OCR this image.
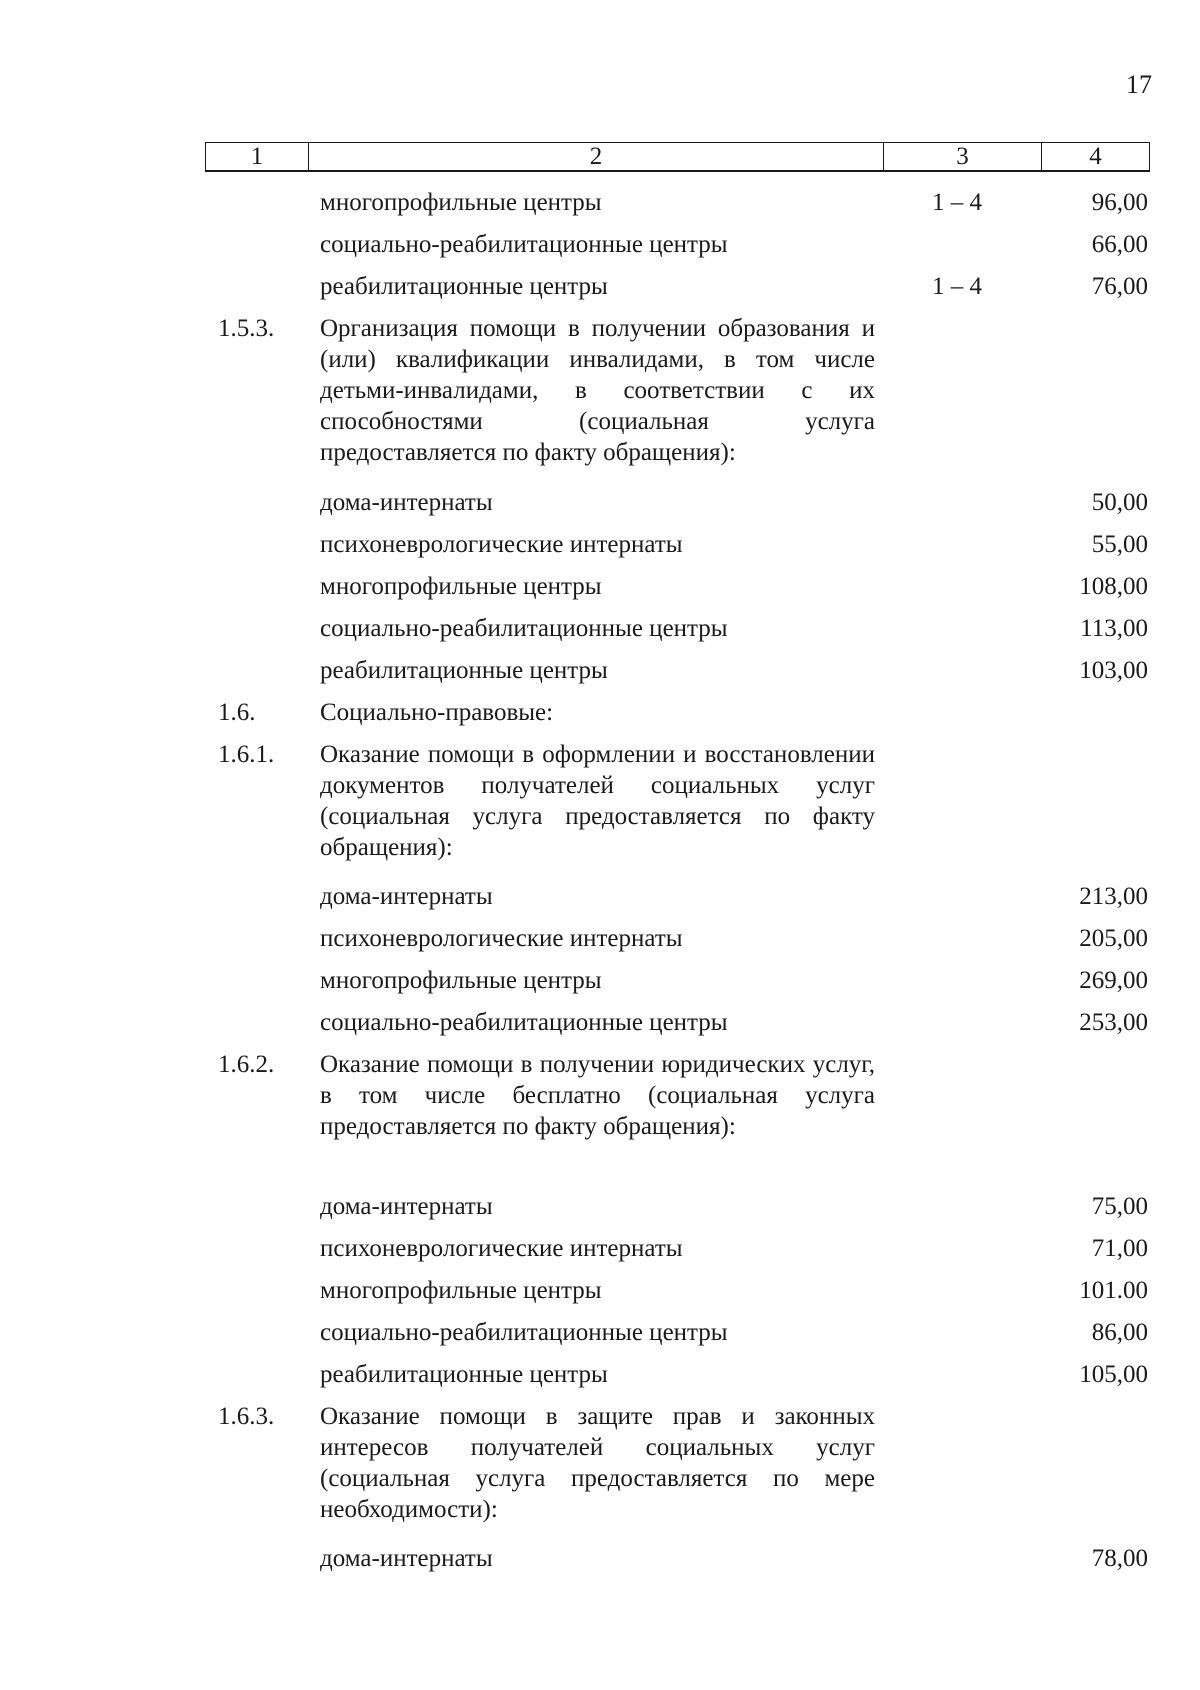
17
1	2	3	4
многопрофильные центры	1 – 4	96,00
социально-реабилитационные центры	66,00
реабилитационные центры	1 – 4	76,00
1.5.3. Организация помощи в получении образования и (или) квалификации инвалидами, в том числе детьми-инвалидами, в соответствии с их способностями (социальная услуга предоставляется по факту обращения):
дома-интернаты	50,00
психоневрологические интернаты	55,00
многопрофильные центры	108,00
социально-реабилитационные центры	113,00
реабилитационные центры	103,00
1.6.	Социально-правовые:
1.6.1. Оказание помощи в оформлении и восстановлении документов получателей социальных услуг (социальная услуга предоставляется по факту обращения):
дома-интернаты	213,00
психоневрологические интернаты	205,00
многопрофильные центры	269,00
социально-реабилитационные центры	253,00
1.6.2. Оказание помощи в получении юридических услуг, в том числе бесплатно (социальная услуга предоставляется по факту обращения):
дома-интернаты	75,00
психоневрологические интернаты	71,00
многопрофильные центры	101.00
социально-реабилитационные центры	86,00
реабилитационные центры	105,00
1.6.3. Оказание помощи в защите прав и законных интересов получателей социальных услуг (социальная услуга предоставляется по мере необходимости):
дома-интернаты	78,00
